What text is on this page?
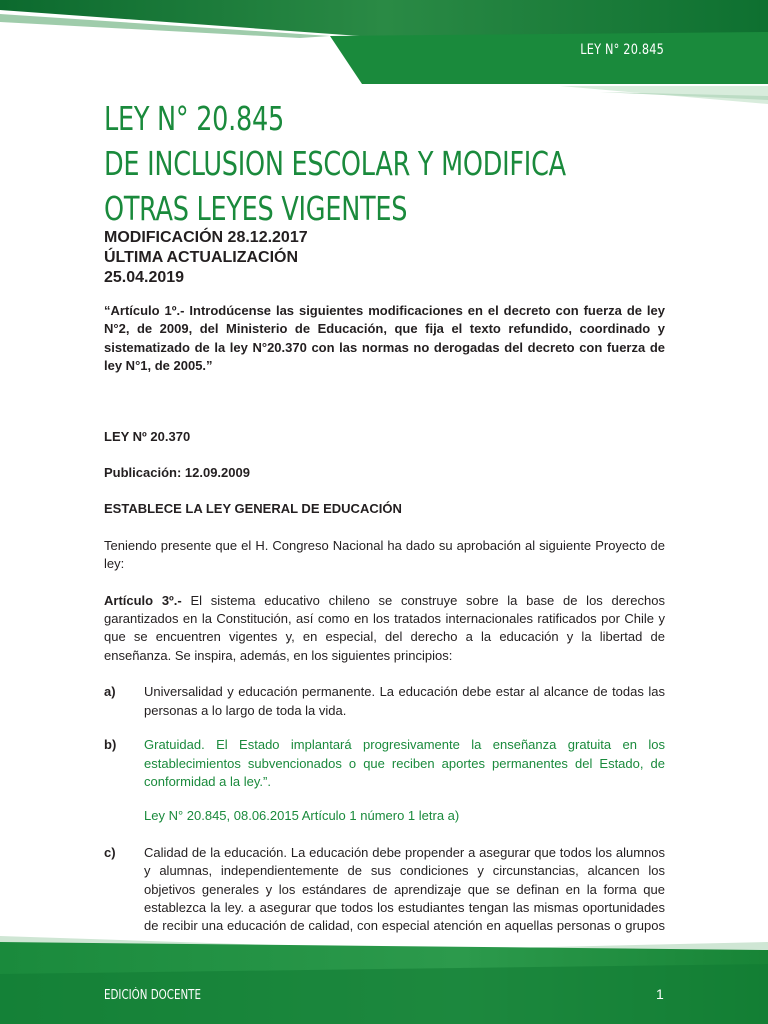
LEY N° 20.845
LEY N° 20.845
DE INCLUSION ESCOLAR Y MODIFICA
OTRAS LEYES VIGENTES
MODIFICACIÓN 28.12.2017
ÚLTIMA ACTUALIZACIÓN
25.04.2019

“Artículo 1º.- Introdúcense las siguientes modificaciones en el decreto con fuerza de ley N°2, de 2009, del Ministerio de Educación, que fija el texto refundido, coordinado y sistematizado de la ley N°20.370 con las normas no derogadas del decreto con fuerza de ley N°1, de 2005.”

LEY Nº 20.370

Publicación: 12.09.2009

ESTABLECE LA LEY GENERAL DE EDUCACIÓN

Teniendo presente que el H. Congreso Nacional ha dado su aprobación al siguiente Proyecto de ley:

Artículo 3º.- El sistema educativo chileno se construye sobre la base de los derechos garantizados en la Constitución, así como en los tratados internacionales ratificados por Chile y que se encuentren vigentes y, en especial, del derecho a la educación y la libertad de enseñanza. Se inspira, además, en los siguientes principios:

a)	Universalidad y educación permanente. La educación debe estar al alcance de todas las personas a lo largo de toda la vida.
b)	Gratuidad. El Estado implantará progresivamente la enseñanza gratuita en los establecimientos subvencionados o que reciben aportes permanentes del Estado, de conformidad a la ley.”.

Ley N° 20.845, 08.06.2015 Artículo 1 número 1 letra a)

c)	Calidad de la educación. La educación debe propender a asegurar que todos los alumnos y alumnas, independientemente de sus condiciones y circunstancias, alcancen los objetivos generales y los estándares de aprendizaje que se definan en la forma que establezca la ley. a asegurar que todos los estudiantes tengan las mismas oportunidades de recibir una educación de calidad, con especial atención en aquellas personas o grupos
EDICIÓN DOCENTE	1
